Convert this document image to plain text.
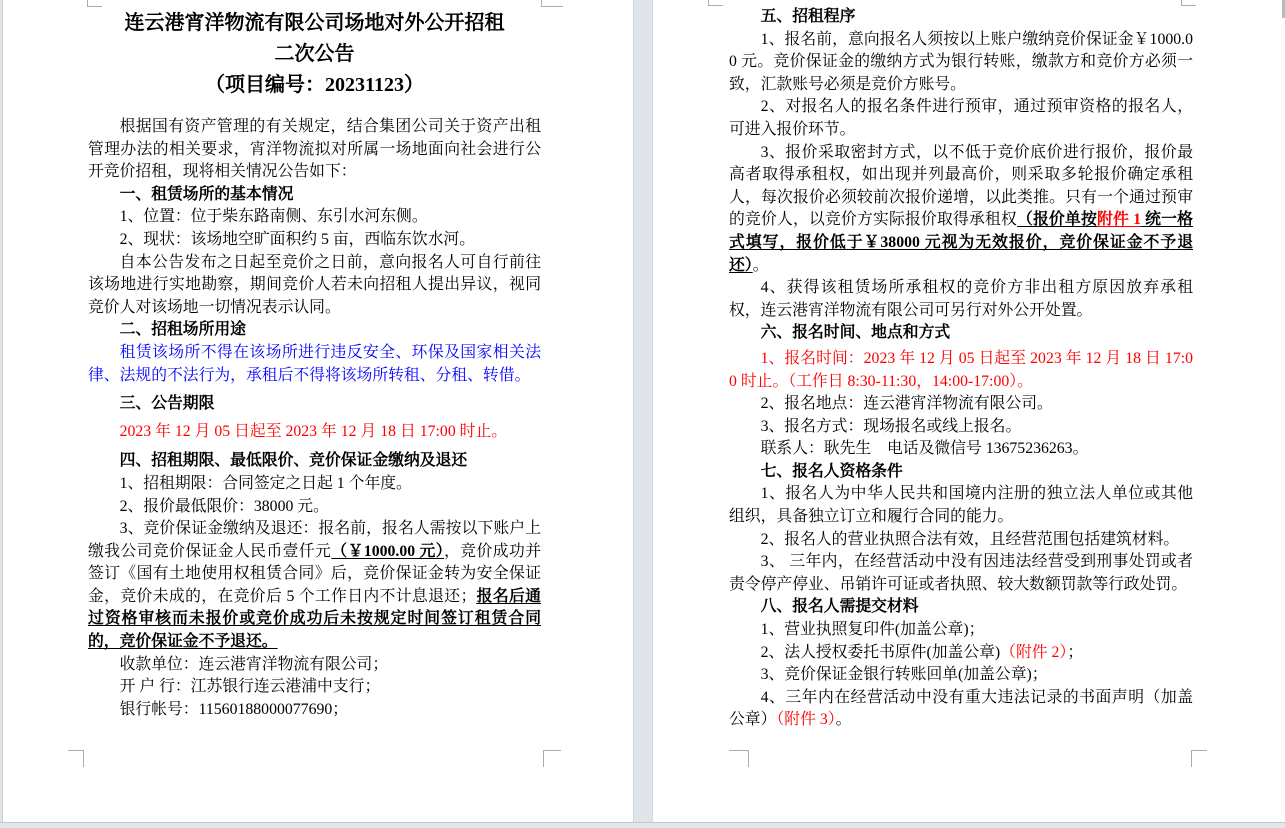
连云港宵洋物流有限公司场地对外公开招租

二次公告

（项目编号：20231123）

根据国有资产管理的有关规定，结合集团公司关于资产出租管理办法的相关要求，宵洋物流拟对所属一场地面向社会进行公开竞价招租，现将相关情况公告如下：

一、租赁场所的基本情况

1、位置：位于柴东路南侧、东引水河东侧。

2、现状：该场地空旷面积约 5 亩，西临东饮水河。

自本公告发布之日起至竞价之日前，意向报名人可自行前往该场地进行实地勘察，期间竞价人若未向招租人提出异议，视同竞价人对该场地一切情况表示认同。

二、招租场所用途

租赁该场所不得在该场所进行违反安全、环保及国家相关法律、法规的不法行为，承租后不得将该场所转租、分租、转借。

三、公告期限

2023 年 12 月 05 日起至 2023 年 12 月 18 日 17:00 时止。

四、招租期限、最低限价、竞价保证金缴纳及退还

1、招租期限：合同签定之日起 1 个年度。

2、报价最低限价：38000 元。

3、竞价保证金缴纳及退还：报名前，报名人需按以下账户上缴我公司竞价保证金人民币壹仟元（￥1000.00 元），竞价成功并签订《国有土地使用权租赁合同》后，竞价保证金转为安全保证金，竞价未成的，在竞价后 5 个工作日内不计息退还；报名后通过资格审核而未报价或竞价成功后未按规定时间签订租赁合同的，竞价保证金不予退还。

收款单位：连云港宵洋物流有限公司；

开 户 行：江苏银行连云港浦中支行；

银行帐号：11560188000077690；

五、招租程序

1、报名前，意向报名人须按以上账户缴纳竞价保证金￥1000.00 元。竞价保证金的缴纳方式为银行转账，缴款方和竞价方必须一致，汇款账号必须是竞价方账号。

2、对报名人的报名条件进行预审，通过预审资格的报名人，可进入报价环节。

3、报价采取密封方式，以不低于竞价底价进行报价，报价最高者取得承租权，如出现并列最高价，则采取多轮报价确定承租人，每次报价必须较前次报价递增，以此类推。只有一个通过预审的竞价人，以竞价方实际报价取得承租权（报价单按附件 1 统一格式填写，报价低于￥38000 元视为无效报价，竞价保证金不予退还）。

4、获得该租赁场所承租权的竞价方非出租方原因放弃承租权，连云港宵洋物流有限公司可另行对外公开处置。

六、报名时间、地点和方式

1、报名时间：2023 年 12 月 05 日起至 2023 年 12 月 18 日 17:00 时止。（工作日 8:30-11:30，14:00-17:00）。

2、报名地点：连云港宵洋物流有限公司。

3、报名方式：现场报名或线上报名。

联系人：耿先生　电话及微信号 13675236263。

七、报名人资格条件

1、报名人为中华人民共和国境内注册的独立法人单位或其他组织，具备独立订立和履行合同的能力。

2、报名人的营业执照合法有效，且经营范围包括建筑材料。

3、 三年内，在经营活动中没有因违法经营受到刑事处罚或者责令停产停业、吊销许可证或者执照、较大数额罚款等行政处罚。

八、报名人需提交材料

1、营业执照复印件(加盖公章)；

2、法人授权委托书原件(加盖公章)（附件 2）；

3、竞价保证金银行转账回单(加盖公章)；

4、三年内在经营活动中没有重大违法记录的书面声明（加盖公章）（附件 3）。
